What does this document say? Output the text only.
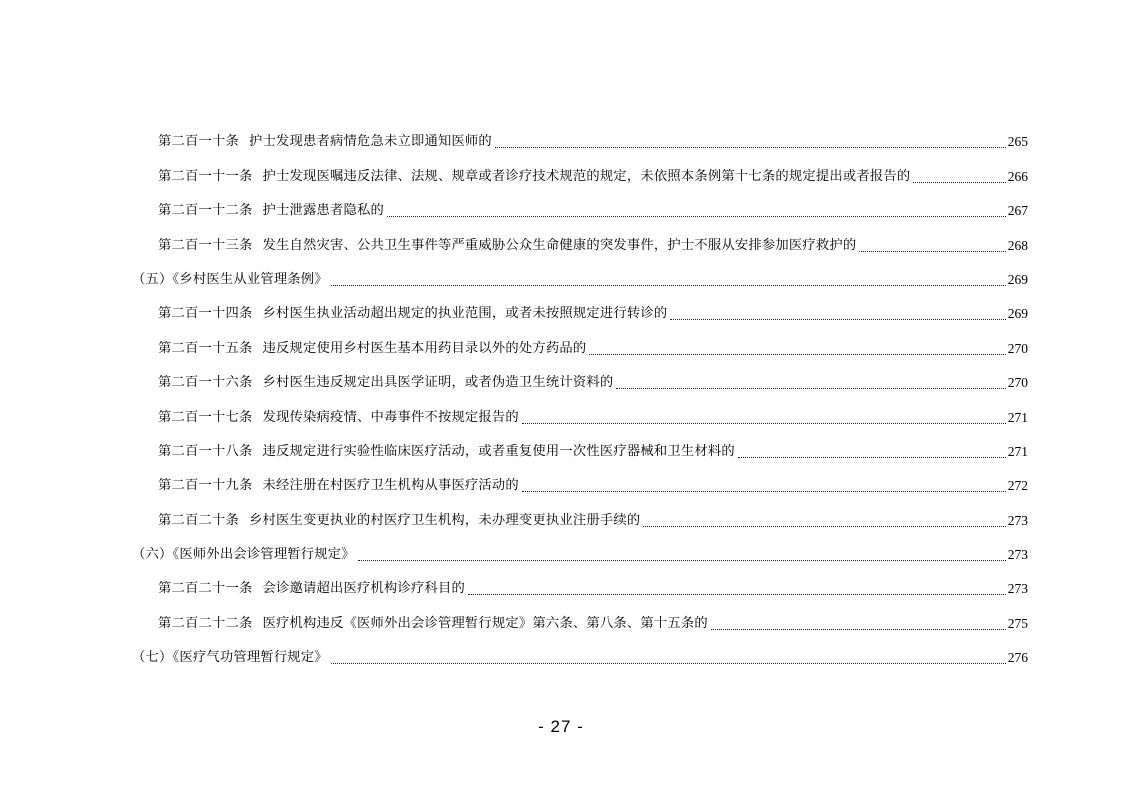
第二百一十条 护士发现患者病情危急未立即通知医师的	265
第二百一十一条 护士发现医嘱违反法律、法规、规章或者诊疗技术规范的规定，未依照本条例第十七条的规定提出或者报告的	266
第二百一十二条 护士泄露患者隐私的	267
第二百一十三条 发生自然灾害、公共卫生事件等严重威胁公众生命健康的突发事件，护士不服从安排参加医疗救护的	268
（五）《乡村医生从业管理条例》	269
第二百一十四条 乡村医生执业活动超出规定的执业范围，或者未按照规定进行转诊的	269
第二百一十五条 违反规定使用乡村医生基本用药目录以外的处方药品的	270
第二百一十六条 乡村医生违反规定出具医学证明，或者伪造卫生统计资料的	270
第二百一十七条 发现传染病疫情、中毒事件不按规定报告的	271
第二百一十八条 违反规定进行实验性临床医疗活动，或者重复使用一次性医疗器械和卫生材料的	271
第二百一十九条 未经注册在村医疗卫生机构从事医疗活动的	272
第二百二十条 乡村医生变更执业的村医疗卫生机构，未办理变更执业注册手续的	273
（六）《医师外出会诊管理暂行规定》	273
第二百二十一条 会诊邀请超出医疗机构诊疗科目的	273
第二百二十二条 医疗机构违反《医师外出会诊管理暂行规定》第六条、第八条、第十五条的	275
（七）《医疗气功管理暂行规定》	276
- 27 -
